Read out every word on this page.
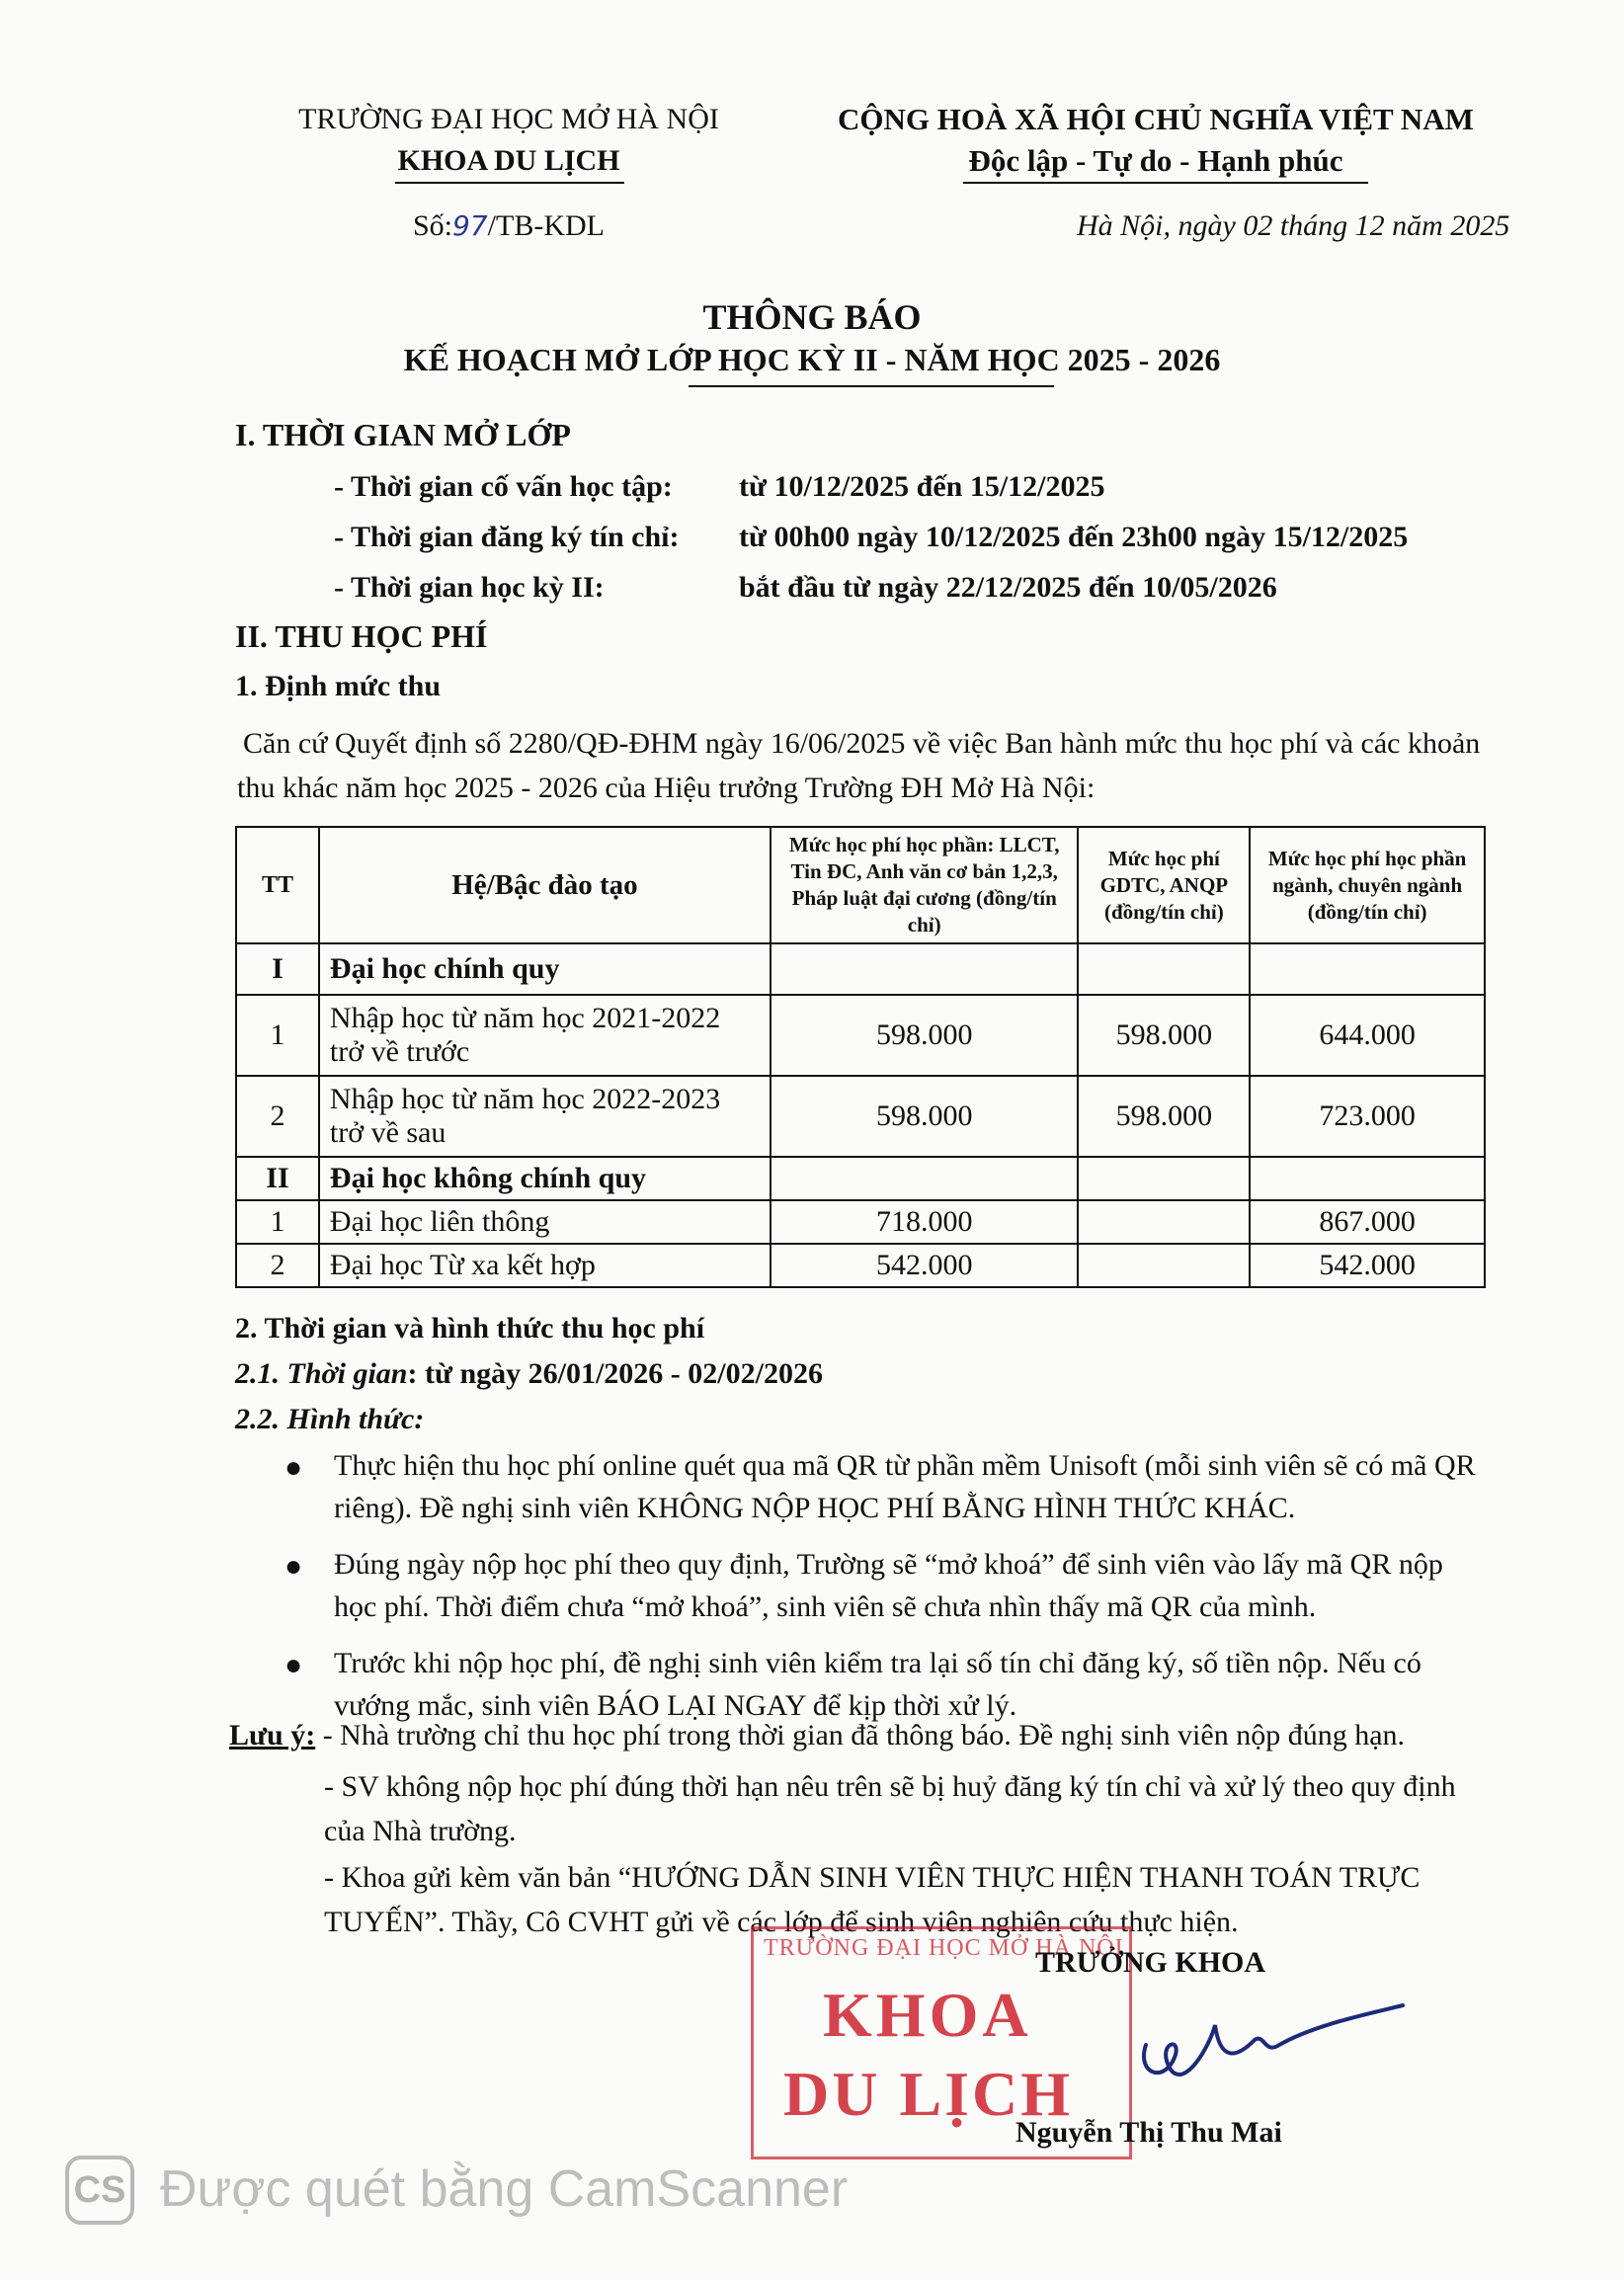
TRƯỜNG ĐẠI HỌC MỞ HÀ NỘI
KHOA DU LỊCH
CỘNG HOÀ XÃ HỘI CHỦ NGHĨA VIỆT NAM
Độc lập - Tự do - Hạnh phúc
Số:97/TB-KDL	Hà Nội, ngày 02 tháng 12 năm 2025
THÔNG BÁO
KẾ HOẠCH MỞ LỚP HỌC KỲ II - NĂM HỌC 2025 - 2026
I. THỜI GIAN MỞ LỚP
- Thời gian cố vấn học tập: từ 10/12/2025 đến 15/12/2025
- Thời gian đăng ký tín chỉ: từ 00h00 ngày 10/12/2025 đến 23h00 ngày 15/12/2025
- Thời gian học kỳ II:	bắt đầu từ ngày 22/12/2025 đến 10/05/2026
II. THU HỌC PHÍ
1. Định mức thu
Căn cứ Quyết định số 2280/QĐ-ĐHM ngày 16/06/2025 về việc Ban hành mức thu học phí và các khoản thu khác năm học 2025 - 2026 của Hiệu trưởng Trường ĐH Mở Hà Nội:
TT	Hệ/Bậc đào tạo	Mức học phí học phần: LLCT, Tin ĐC, Anh văn cơ bản 1,2,3, Pháp luật đại cương (đồng/tín chỉ)	Mức học phí GDTC, ANQP (đồng/tín chỉ)	Mức học phí học phần ngành, chuyên ngành (đồng/tín chỉ)
I	Đại học chính quy			
1	Nhập học từ năm học 2021-2022 trở về trước	598.000	598.000	644.000
2	Nhập học từ năm học 2022-2023 trở về sau	598.000	598.000	723.000
II	Đại học không chính quy			
1	Đại học liên thông	718.000		867.000
2	Đại học Từ xa kết hợp	542.000		542.000
2. Thời gian và hình thức thu học phí
2.1. Thời gian: từ ngày 26/01/2026 - 02/02/2026
2.2. Hình thức:
● Thực hiện thu học phí online quét qua mã QR từ phần mềm Unisoft (mỗi sinh viên sẽ có mã QR riêng). Đề nghị sinh viên KHÔNG NỘP HỌC PHÍ BẰNG HÌNH THỨC KHÁC.
● Đúng ngày nộp học phí theo quy định, Trường sẽ “mở khoá” để sinh viên vào lấy mã QR nộp học phí. Thời điểm chưa “mở khoá”, sinh viên sẽ chưa nhìn thấy mã QR của mình.
● Trước khi nộp học phí, đề nghị sinh viên kiểm tra lại số tín chỉ đăng ký, số tiền nộp. Nếu có vướng mắc, sinh viên BÁO LẠI NGAY để kịp thời xử lý.
Lưu ý: - Nhà trường chỉ thu học phí trong thời gian đã thông báo. Đề nghị sinh viên nộp đúng hạn.
- SV không nộp học phí đúng thời hạn nêu trên sẽ bị huỷ đăng ký tín chỉ và xử lý theo quy định của Nhà trường.
- Khoa gửi kèm văn bản “HƯỚNG DẪN SINH VIÊN THỰC HIỆN THANH TOÁN TRỰC TUYẾN”. Thầy, Cô CVHT gửi về các lớp để sinh viên nghiên cứu thực hiện.
TRƯỜNG ĐẠI HỌC MỞ HÀ NỘI
KHOA
DU LỊCH
TRƯỞNG KHOA
Nguyễn Thị Thu Mai
CS Được quét bằng CamScanner
